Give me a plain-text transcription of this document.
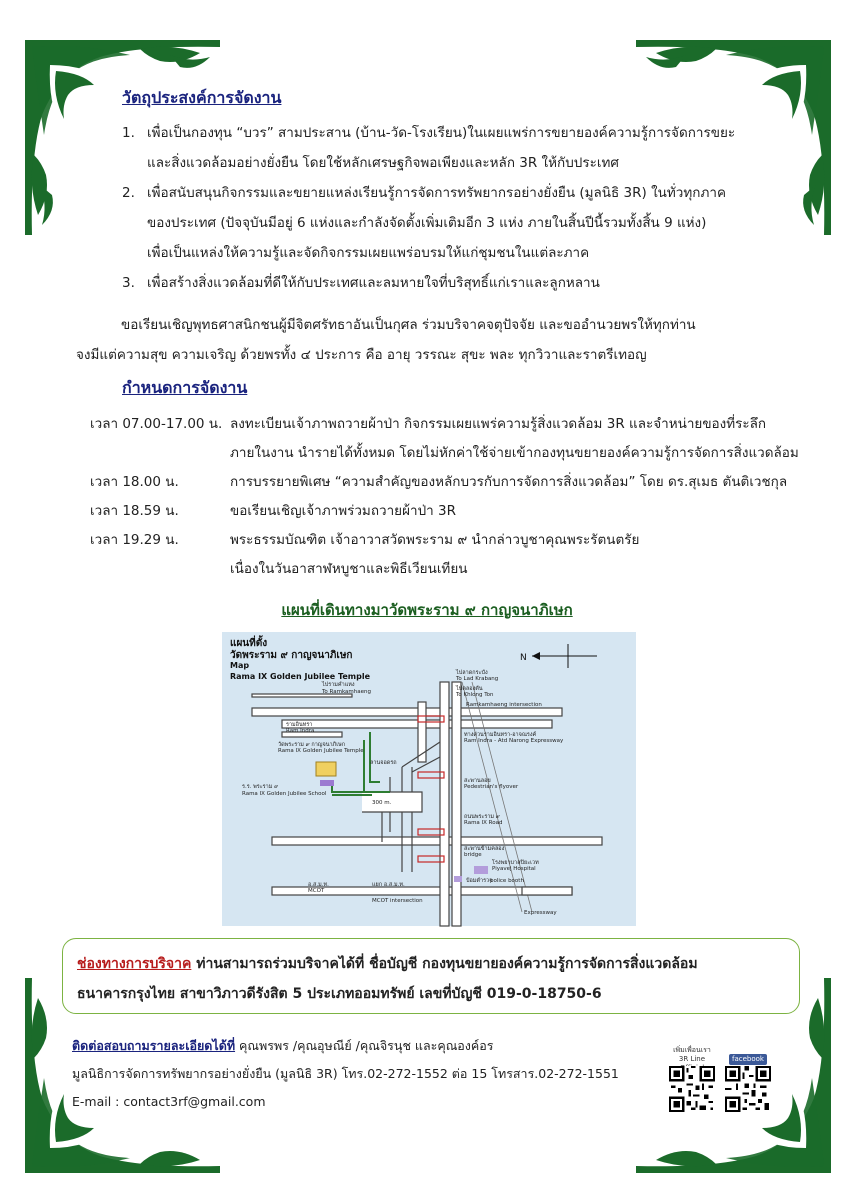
วัตถุประสงค์การจัดงาน
1. เพื่อเป็นกองทุน “บวร” สามประสาน (บ้าน-วัด-โรงเรียน)ในเผยแพร่การขยายองค์ความรู้การจัดการขยะ
และสิ่งแวดล้อมอย่างยั่งยืน โดยใช้หลักเศรษฐกิจพอเพียงและหลัก 3R ให้กับประเทศ
2. เพื่อสนับสนุนกิจกรรมและขยายแหล่งเรียนรู้การจัดการทรัพยากรอย่างยั่งยืน (มูลนิธิ 3R) ในทั่วทุกภาค
ของประเทศ (ปัจจุบันมีอยู่ 6 แห่งและกำลังจัดตั้งเพิ่มเติมอีก 3 แห่ง ภายในสิ้นปีนี้รวมทั้งสิ้น 9 แห่ง)
เพื่อเป็นแหล่งให้ความรู้และจัดกิจกรรมเผยแพร่อบรมให้แก่ชุมชนในแต่ละภาค
3. เพื่อสร้างสิ่งแวดล้อมที่ดีให้กับประเทศและลมหายใจที่บริสุทธิ์แก่เราและลูกหลาน
ขอเรียนเชิญพุทธศาสนิกชนผู้มีจิตศรัทธาอันเป็นกุศล ร่วมบริจาคจตุปัจจัย และขออำนวยพรให้ทุกท่าน
จงมีแต่ความสุข ความเจริญ ด้วยพรทั้ง ๔ ประการ คือ อายุ วรรณะ สุขะ พละ ทุกวิวาและราตรีเทอญ
กำหนดการจัดงาน
เวลา 07.00-17.00 น. ลงทะเบียนเจ้าภาพถวายผ้าป่า กิจกรรมเผยแพร่ความรู้สิ่งแวดล้อม 3R และจำหน่ายของที่ระลึก
ภายในงาน นำรายได้ทั้งหมด โดยไม่หักค่าใช้จ่ายเข้ากองทุนขยายองค์ความรู้การจัดการสิ่งแวดล้อม
เวลา 18.00 น.	การบรรยายพิเศษ “ความสำคัญของหลักบวรกับการจัดการสิ่งแวดล้อม” โดย ดร.สุเมธ ตันติเวชกุล
เวลา 18.59 น.	ขอเรียนเชิญเจ้าภาพร่วมถวายผ้าป่า 3R
เวลา 19.29 น.	พระธรรมบัณฑิต เจ้าอาวาสวัดพระราม ๙ นำกล่าวบูชาคุณพระรัตนตรัย
เนื่องในวันอาสาฬหบูชาและพิธีเวียนเทียน
แผนที่เดินทางมาวัดพระราม ๙ กาญจนาภิเษก
แผนที่ตั้ง
วัดพระราม ๙ กาญจนาภิเษก
Map
Rama IX Golden Jubilee Temple
N
ไปรามคำแหง
To Ramkamhaeng
ไปลาดกระบัง
To Lad Krabang
ไปคลองตัน
To Khlong Ton
Ramkamhaeng intersection
รามอินทรา
Ram Indra
ทางด่วนรามอินทรา-อาจณรงค์
Ram Indra - Atd Narong Expressway
วัดพระราม ๙ กาญจนาภิเษก
Rama IX Golden Jubilee Temple
ลานจอดรถ
ร.ร. พระราม ๙
Rama IX Golden Jubilee School
300 m.
สะพานลอย
Pedestrian's flyover
ถนนพระราม ๙
Rama IX Road
สะพานข้ามคลอง
bridge
โรงพยาบาลปิยะเวท
Piyavej Hospital
ป้อมตำรวจ
police booth
อ.ส.ม.ท.
MCOT
แยก อ.ส.ม.ท.
MCOT intersection
Expressway
ช่องทางการบริจาค ท่านสามารถร่วมบริจาคได้ที่ ชื่อบัญชี กองทุนขยายองค์ความรู้การจัดการสิ่งแวดล้อม
ธนาคารกรุงไทย สาขาวิภาวดีรังสิต 5 ประเภทออมทรัพย์ เลขที่บัญชี 019-0-18750-6
ติดต่อสอบถามรายละเอียดได้ที่ คุณพรพร /คุณอุษณีย์ /คุณจิรนุช และคุณองค์อร
มูลนิธิการจัดการทรัพยากรอย่างยั่งยืน (มูลนิธิ 3R) โทร.02-272-1552 ต่อ 15 โทรสาร.02-272-1551
E-mail : contact3rf@gmail.com
เพิ่มเพื่อนเรา 3R Line	facebook
